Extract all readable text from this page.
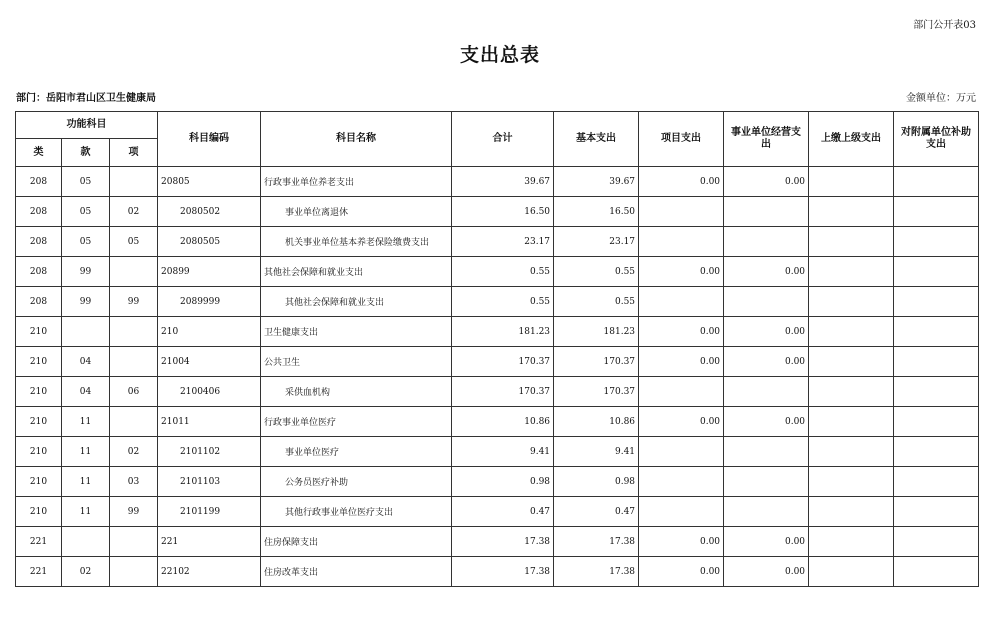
部门公开表03
支出总表
部门：岳阳市君山区卫生健康局	金额单位：万元
功能科目			科目编码	科目名称	合计	基本支出	项目支出	事业单位经营支出	上缴上级支出	对附属单位补助支出
类	款	项								
208	05		20805	行政事业单位养老支出	39.67	39.67	0.00	0.00		
208	05	02	2080502	事业单位离退休	16.50	16.50				
208	05	05	2080505	机关事业单位基本养老保险缴费支出	23.17	23.17				
208	99		20899	其他社会保障和就业支出	0.55	0.55	0.00	0.00		
208	99	99	2089999	其他社会保障和就业支出	0.55	0.55				
210			210	卫生健康支出	181.23	181.23	0.00	0.00		
210	04		21004	公共卫生	170.37	170.37	0.00	0.00		
210	04	06	2100406	采供血机构	170.37	170.37				
210	11		21011	行政事业单位医疗	10.86	10.86	0.00	0.00		
210	11	02	2101102	事业单位医疗	9.41	9.41				
210	11	03	2101103	公务员医疗补助	0.98	0.98				
210	11	99	2101199	其他行政事业单位医疗支出	0.47	0.47				
221			221	住房保障支出	17.38	17.38	0.00	0.00		
221	02		22102	住房改革支出	17.38	17.38	0.00	0.00		
